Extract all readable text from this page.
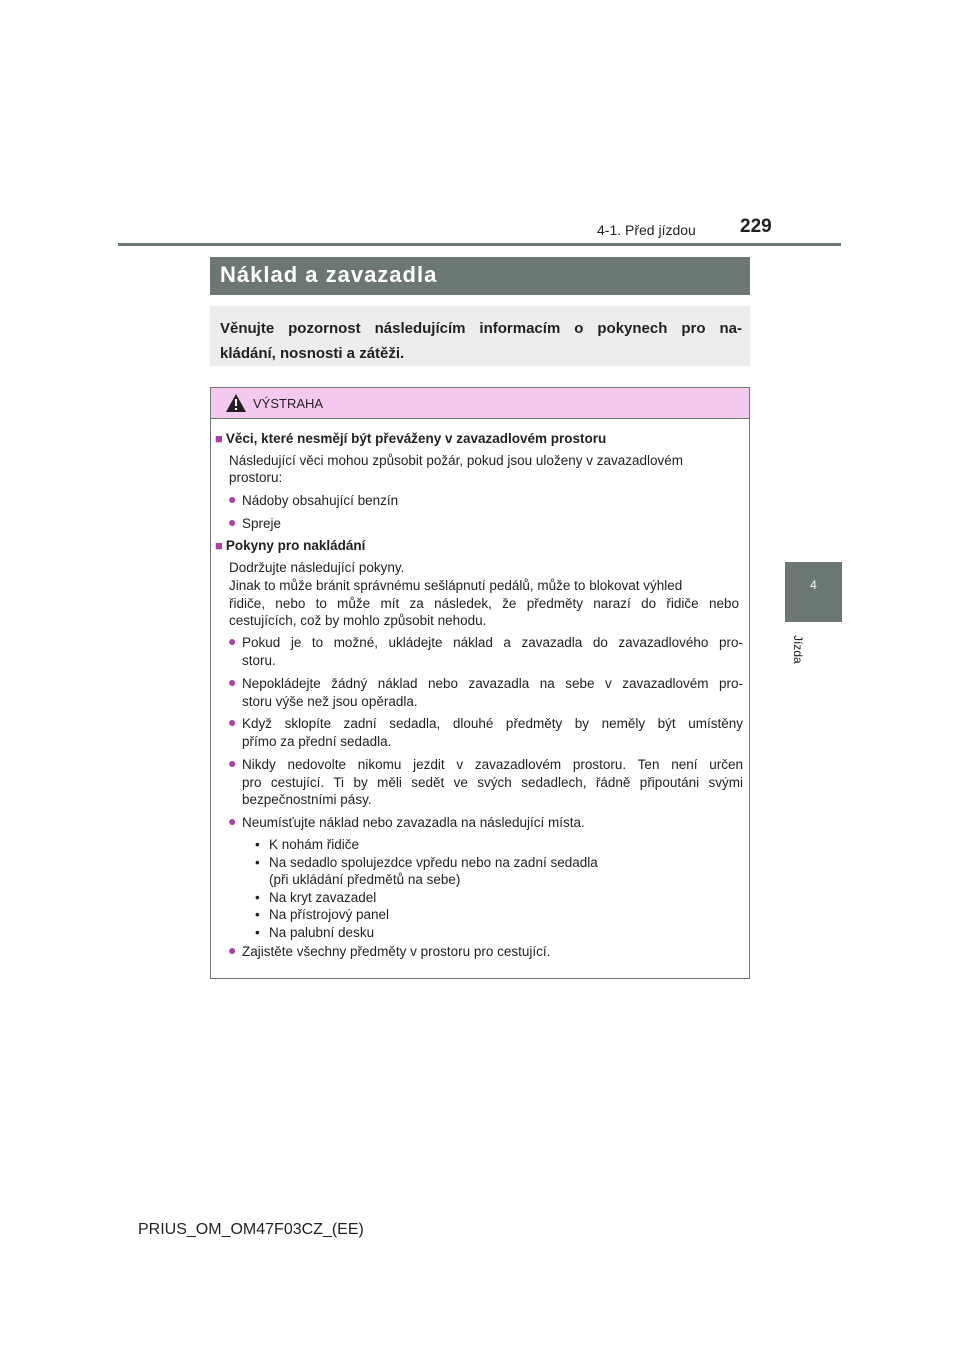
4-1. Před jízdou 229
4
Jízda
Náklad a zavazadla
Věnujte pozornost následujícím informacím o pokynech pro na-
kládání, nosnosti a zátěži.
VÝSTRAHA
■ Věci, které nesmějí být převáženy v zavazadlovém prostoru
Následující věci mohou způsobit požár, pokud jsou uloženy v zavazadlovém
prostoru:
● Nádoby obsahující benzín
● Spreje
■ Pokyny pro nakládání
Dodržujte následující pokyny.
Jinak to může bránit správnému sešlápnutí pedálů, může to blokovat výhled
řidiče, nebo to může mít za následek, že předměty narazí do řidiče nebo
cestujících, což by mohlo způsobit nehodu.
● Pokud je to možné, ukládejte náklad a zavazadla do zavazadlového pro-
storu.
● Nepokládejte žádný náklad nebo zavazadla na sebe v zavazadlovém pro-
storu výše než jsou opěradla.
● Když sklopíte zadní sedadla, dlouhé předměty by neměly být umístěny
přímo za přední sedadla.
● Nikdy nedovolte nikomu jezdit v zavazadlovém prostoru. Ten není určen
pro cestující. Ti by měli sedět ve svých sedadlech, řádně připoutáni svými
bezpečnostními pásy.
● Neumísťujte náklad nebo zavazadla na následující místa.
• K nohám řidiče
• Na sedadlo spolujezdce vpředu nebo na zadní sedadla
(při ukládání předmětů na sebe)
• Na kryt zavazadel
• Na přístrojový panel
• Na palubní desku
● Zajistěte všechny předměty v prostoru pro cestující.
PRIUS_OM_OM47F03CZ_(EE)
